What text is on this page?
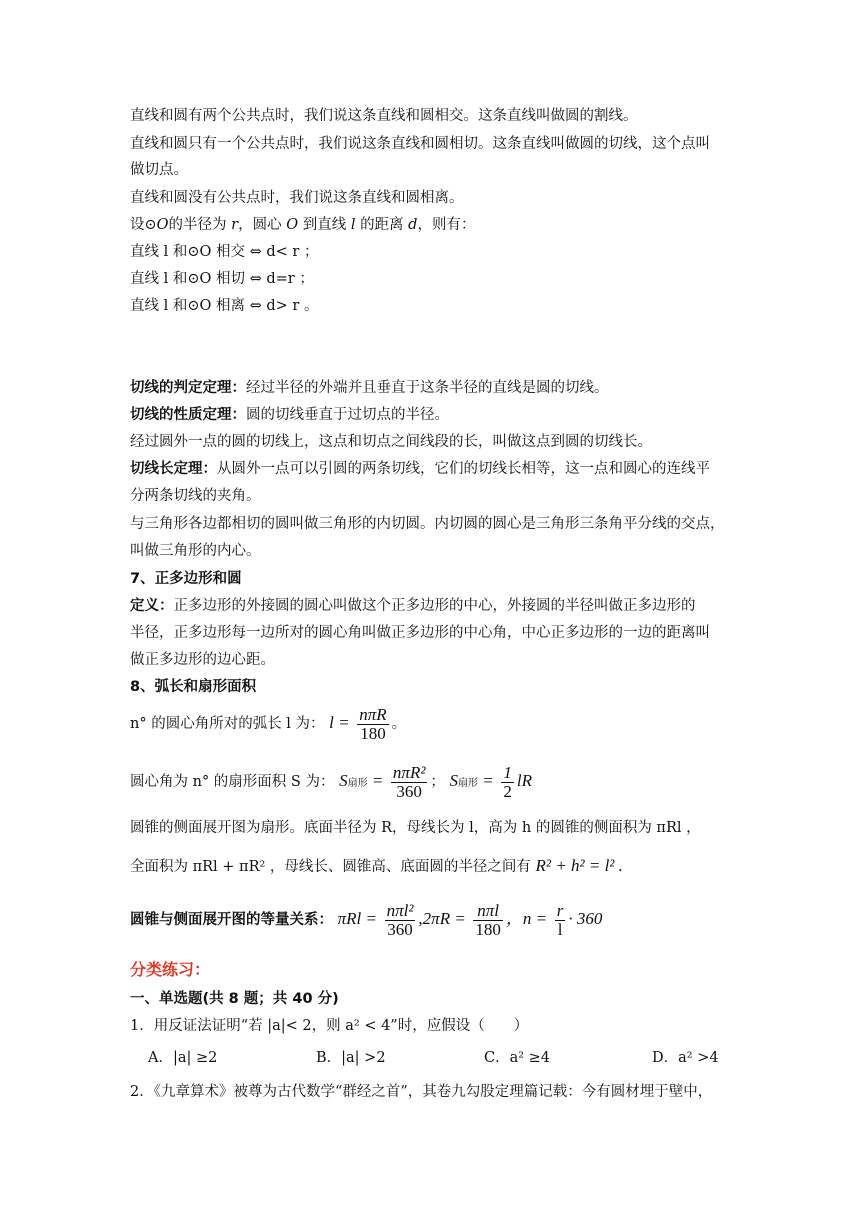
直线和圆有两个公共点时，我们说这条直线和圆相交。这条直线叫做圆的割线。
直线和圆只有一个公共点时，我们说这条直线和圆相切。这条直线叫做圆的切线，这个点叫
做切点。
直线和圆没有公共点时，我们说这条直线和圆相离。
设⊙O的半径为 r，圆心 O 到直线 l 的距离 d，则有：
直线 l 和⊙O 相交 ⇔ d< r ；
直线 l 和⊙O 相切 ⇔ d=r ；
直线 l 和⊙O 相离 ⇔ d> r 。
切线的判定定理：经过半径的外端并且垂直于这条半径的直线是圆的切线。
切线的性质定理：圆的切线垂直于过切点的半径。
经过圆外一点的圆的切线上，这点和切点之间线段的长，叫做这点到圆的切线长。
切线长定理：从圆外一点可以引圆的两条切线，它们的切线长相等，这一点和圆心的连线平
分两条切线的夹角。
与三角形各边都相切的圆叫做三角形的内切圆。内切圆的圆心是三角形三条角平分线的交点，
叫做三角形的内心。
7、正多边形和圆
定义：正多边形的外接圆的圆心叫做这个正多边形的中心，外接圆的半径叫做正多边形的
半径，正多边形每一边所对的圆心角叫做正多边形的中心角，中心正多边形的一边的距离叫
做正多边形的边心距。
8、弧长和扇形面积
n° 的圆心角所对的弧长 l 为： $l = \frac{\text{nπR}}{180}$ 。
圆心角为 n° 的扇形面积 S 为： S扇形 = $\frac{\text{nπR²}}{360}$ ； S扇形 = $\frac{1}{2}$ lR
圆锥的侧面展开图为扇形。底面半径为 R，母线长为 l，高为 h 的圆锥的侧面积为 πRl ，
全面积为 πRl + πR² ，母线长、圆锥高、底面圆的半径之间有 R² + h² = l² .
圆锥与侧面展开图的等量关系： $\pi Rl = \frac{\text{nπl²}}{360} ,2\pi R = \frac{\text{nπl}}{180}$ ，$n = \frac{r}{l} \cdot 360$
分类练习：
一、单选题(共 8 题；共 40 分)
1．用反证法证明“若 |a|< 2，则 a² < 4”时，应假设（　　）
A．|a| ≥2	B．|a| >2	C．a² ≥4	D．a² >4
2．《九章算术》被尊为古代数学“群经之首”，其卷九勾股定理篇记载：今有圆材埋于壁中，
